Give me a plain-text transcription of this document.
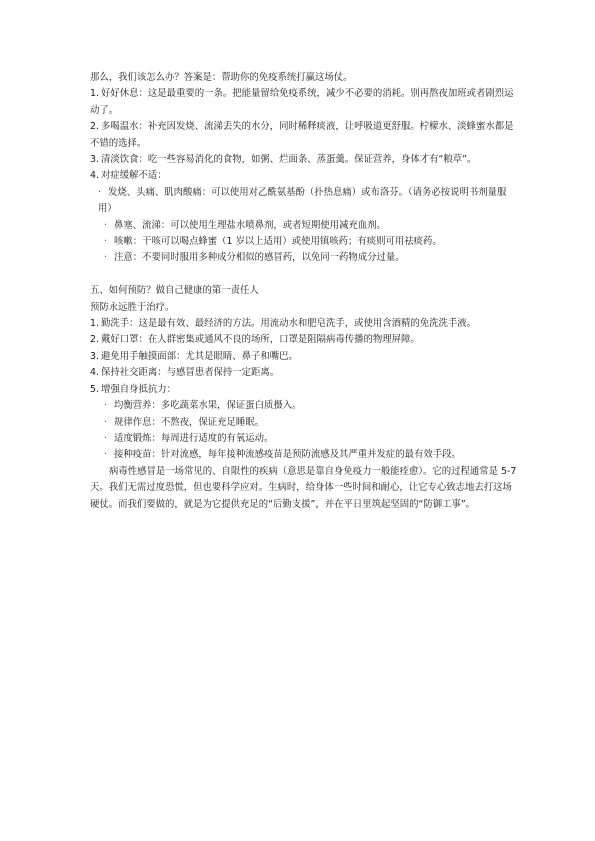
那么，我们该怎么办？答案是：帮助你的免疫系统打赢这场仗。
1. 好好休息：这是最重要的一条。把能量留给免疫系统，减少不必要的消耗。别再熬夜加班或者剧烈运动了。
2. 多喝温水：补充因发烧、流涕丢失的水分，同时稀释痰液，让呼吸道更舒服。柠檬水、淡蜂蜜水都是不错的选择。
3. 清淡饮食：吃一些容易消化的食物，如粥、烂面条、蒸蛋羹。保证营养，身体才有“粮草”。
4. 对症缓解不适：
· 发烧、头痛、肌肉酸痛：可以使用对乙酰氨基酚（扑热息痛）或布洛芬。（请务必按说明书剂量服用）
· 鼻塞、流涕：可以使用生理盐水喷鼻剂，或者短期使用减充血剂。
· 咳嗽：干咳可以喝点蜂蜜（1 岁以上适用）或使用镇咳药；有痰则可用祛痰药。
· 注意：不要同时服用多种成分相似的感冒药，以免同一药物成分过量。
五、如何预防？做自己健康的第一责任人
预防永远胜于治疗。
1. 勤洗手：这是最有效、最经济的方法。用流动水和肥皂洗手，或使用含酒精的免洗洗手液。
2. 戴好口罩：在人群密集或通风不良的场所，口罩是阻隔病毒传播的物理屏障。
3. 避免用手触摸面部：尤其是眼睛、鼻子和嘴巴。
4. 保持社交距离：与感冒患者保持一定距离。
5. 增强自身抵抗力：
· 均衡营养：多吃蔬菜水果，保证蛋白质摄入。
· 规律作息：不熬夜，保证充足睡眠。
· 适度锻炼：每周进行适度的有氧运动。
· 接种疫苗：针对流感，每年接种流感疫苗是预防流感及其严重并发症的最有效手段。
病毒性感冒是一场常见的、自限性的疾病（意思是靠自身免疫力一般能痊愈）。它的过程通常是 5-7 天。我们无需过度恐慌，但也要科学应对。生病时，给身体一些时间和耐心，让它专心致志地去打这场硬仗。而我们要做的，就是为它提供充足的“后勤支援”，并在平日里筑起坚固的“防御工事”。
